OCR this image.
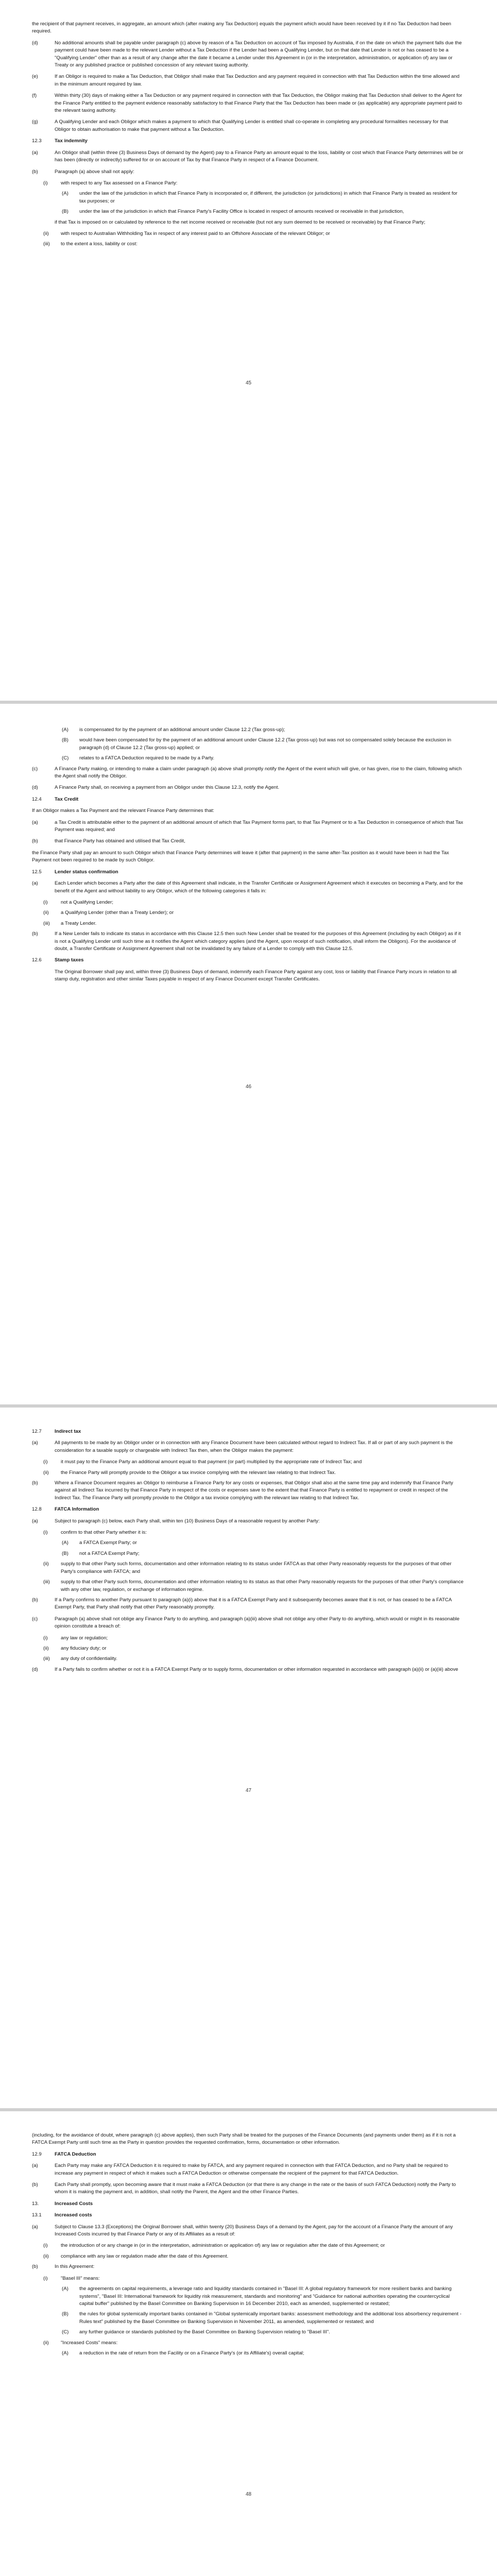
the recipient of that payment receives, in aggregate, an amount which (after making any Tax Deduction) equals the payment which would have been received by it if no Tax Deduction had been required.

(d)	No additional amounts shall be payable under paragraph (c) above by reason of a Tax Deduction on account of Tax imposed by Australia, if on the date on which the payment falls due the payment could have been made to the relevant Lender without a Tax Deduction if the Lender had been a Qualifying Lender, but on that date that Lender is not or has ceased to be a "Qualifying Lender" other than as a result of any change after the date it became a Lender under this Agreement in (or in the interpretation, administration, or application of) any law or Treaty or any published practice or published concession of any relevant taxing authority.
(e)	If an Obligor is required to make a Tax Deduction, that Obligor shall make that Tax Deduction and any payment required in connection with that Tax Deduction within the time allowed and in the minimum amount required by law.
(f)	Within thirty (30) days of making either a Tax Deduction or any payment required in connection with that Tax Deduction, the Obligor making that Tax Deduction shall deliver to the Agent for the Finance Party entitled to the payment evidence reasonably satisfactory to that Finance Party that the Tax Deduction has been made or (as applicable) any appropriate payment paid to the relevant taxing authority.
(g)	A Qualifying Lender and each Obligor which makes a payment to which that Qualifying Lender is entitled shall co-operate in completing any procedural formalities necessary for that Obligor to obtain authorisation to make that payment without a Tax Deduction.
12.3	Tax indemnity
(a)	An Obligor shall (within three (3) Business Days of demand by the Agent) pay to a Finance Party an amount equal to the loss, liability or cost which that Finance Party determines will be or has been (directly or indirectly) suffered for or on account of Tax by that Finance Party in respect of a Finance Document.
(b)	Paragraph (a) above shall not apply:
(i)	with respect to any Tax assessed on a Finance Party:
(A)	under the law of the jurisdiction in which that Finance Party is incorporated or, if different, the jurisdiction (or jurisdictions) in which that Finance Party is treated as resident for tax purposes; or
(B)	under the law of the jurisdiction in which that Finance Party's Facility Office is located in respect of amounts received or receivable in that jurisdiction,

if that Tax is imposed on or calculated by reference to the net income received or receivable (but not any sum deemed to be received or receivable) by that Finance Party;

(ii)	with respect to Australian Withholding Tax in respect of any interest paid to an Offshore Associate of the relevant Obligor; or
(iii)	to the extent a loss, liability or cost:
45
(A)	is compensated for by the payment of an additional amount under Clause 12.2 (Tax gross-up);
(B)	would have been compensated for by the payment of an additional amount under Clause 12.2 (Tax gross-up) but was not so compensated solely because the exclusion in paragraph (d) of Clause 12.2 (Tax gross-up) applied; or
(C)	relates to a FATCA Deduction required to be made by a Party.
(c)	A Finance Party making, or intending to make a claim under paragraph (a) above shall promptly notify the Agent of the event which will give, or has given, rise to the claim, following which the Agent shall notify the Obligor.
(d)	A Finance Party shall, on receiving a payment from an Obligor under this Clause 12.3, notify the Agent.
12.4	Tax Credit

If an Obligor makes a Tax Payment and the relevant Finance Party determines that:

(a)	a Tax Credit is attributable either to the payment of an additional amount of which that Tax Payment forms part, to that Tax Payment or to a Tax Deduction in consequence of which that Tax Payment was required; and
(b)	that Finance Party has obtained and utilised that Tax Credit,

the Finance Party shall pay an amount to such Obligor which that Finance Party determines will leave it (after that payment) in the same after-Tax position as it would have been in had the Tax Payment not been required to be made by such Obligor.

12.5	Lender status confirmation
(a)	Each Lender which becomes a Party after the date of this Agreement shall indicate, in the Transfer Certificate or Assignment Agreement which it executes on becoming a Party, and for the benefit of the Agent and without liability to any Obligor, which of the following categories it falls in:
(i)	not a Qualifying Lender;
(ii)	a Qualifying Lender (other than a Treaty Lender); or
(iii)	a Treaty Lender.
(b)	If a New Lender fails to indicate its status in accordance with this Clause 12.5 then such New Lender shall be treated for the purposes of this Agreement (including by each Obligor) as if it is not a Qualifying Lender until such time as it notifies the Agent which category applies (and the Agent, upon receipt of such notification, shall inform the Obligors). For the avoidance of doubt, a Transfer Certificate or Assignment Agreement shall not be invalidated by any failure of a Lender to comply with this Clause 12.5.
12.6	Stamp taxes

The Original Borrower shall pay and, within three (3) Business Days of demand, indemnify each Finance Party against any cost, loss or liability that Finance Party incurs in relation to all stamp duty, registration and other similar Taxes payable in respect of any Finance Document except Transfer Certificates.

46
12.7	Indirect tax
(a)	All payments to be made by an Obligor under or in connection with any Finance Document have been calculated without regard to Indirect Tax. If all or part of any such payment is the consideration for a taxable supply or chargeable with Indirect Tax then, when the Obligor makes the payment:
(i)	it must pay to the Finance Party an additional amount equal to that payment (or part) multiplied by the appropriate rate of Indirect Tax; and
(ii)	the Finance Party will promptly provide to the Obligor a tax invoice complying with the relevant law relating to that Indirect Tax.
(b)	Where a Finance Document requires an Obligor to reimburse a Finance Party for any costs or expenses, that Obligor shall also at the same time pay and indemnify that Finance Party against all Indirect Tax incurred by that Finance Party in respect of the costs or expenses save to the extent that that Finance Party is entitled to repayment or credit in respect of the Indirect Tax. The Finance Party will promptly provide to the Obligor a tax invoice complying with the relevant law relating to that Indirect Tax.
12.8	FATCA Information
(a)	Subject to paragraph (c) below, each Party shall, within ten (10) Business Days of a reasonable request by another Party:
(i)	confirm to that other Party whether it is:
(A)	a FATCA Exempt Party; or
(B)	not a FATCA Exempt Party;
(ii)	supply to that other Party such forms, documentation and other information relating to its status under FATCA as that other Party reasonably requests for the purposes of that other Party's compliance with FATCA; and
(iii)	supply to that other Party such forms, documentation and other information relating to its status as that other Party reasonably requests for the purposes of that other Party's compliance with any other law, regulation, or exchange of information regime.
(b)	If a Party confirms to another Party pursuant to paragraph (a)(i) above that it is a FATCA Exempt Party and it subsequently becomes aware that it is not, or has ceased to be a FATCA Exempt Party, that Party shall notify that other Party reasonably promptly.
(c)	Paragraph (a) above shall not oblige any Finance Party to do anything, and paragraph (a)(iii) above shall not oblige any other Party to do anything, which would or might in its reasonable opinion constitute a breach of:
(i)	any law or regulation;
(ii)	any fiduciary duty; or
(iii)	any duty of confidentiality.
(d)	If a Party fails to confirm whether or not it is a FATCA Exempt Party or to supply forms, documentation or other information requested in accordance with paragraph (a)(ii) or (a)(iii) above
47

(including, for the avoidance of doubt, where paragraph (c) above applies), then such Party shall be treated for the purposes of the Finance Documents (and payments under them) as if it is not a FATCA Exempt Party until such time as the Party in question provides the requested confirmation, forms, documentation or other information.

12.9	FATCA Deduction
(a)	Each Party may make any FATCA Deduction it is required to make by FATCA, and any payment required in connection with that FATCA Deduction, and no Party shall be required to increase any payment in respect of which it makes such a FATCA Deduction or otherwise compensate the recipient of the payment for that FATCA Deduction.
(b)	Each Party shall promptly, upon becoming aware that it must make a FATCA Deduction (or that there is any change in the rate or the basis of such FATCA Deduction) notify the Party to whom it is making the payment and, in addition, shall notify the Parent, the Agent and the other Finance Parties.
13.	Increased Costs
13.1	Increased costs
(a)	Subject to Clause 13.3 (Exceptions) the Original Borrower shall, within twenty (20) Business Days of a demand by the Agent, pay for the account of a Finance Party the amount of any Increased Costs incurred by that Finance Party or any of its Affiliates as a result of:
(i)	the introduction of or any change in (or in the interpretation, administration or application of) any law or regulation after the date of this Agreement; or
(ii)	compliance with any law or regulation made after the date of this Agreement.
(b)	In this Agreement:
(i)	"Basel III" means:
(A)	the agreements on capital requirements, a leverage ratio and liquidity standards contained in "Basel III: A global regulatory framework for more resilient banks and banking systems", "Basel III: International framework for liquidity risk measurement, standards and monitoring" and "Guidance for national authorities operating the countercyclical capital buffer" published by the Basel Committee on Banking Supervision in 16 December 2010, each as amended, supplemented or restated;
(B)	the rules for global systemically important banks contained in "Global systemically important banks: assessment methodology and the additional loss absorbency requirement - Rules text" published by the Basel Committee on Banking Supervision in November 2011, as amended, supplemented or restated; and
(C)	any further guidance or standards published by the Basel Committee on Banking Supervision relating to "Basel III".
(ii)	"Increased Costs" means:
(A)	a reduction in the rate of return from the Facility or on a Finance Party's (or its Affiliate's) overall capital;
48
